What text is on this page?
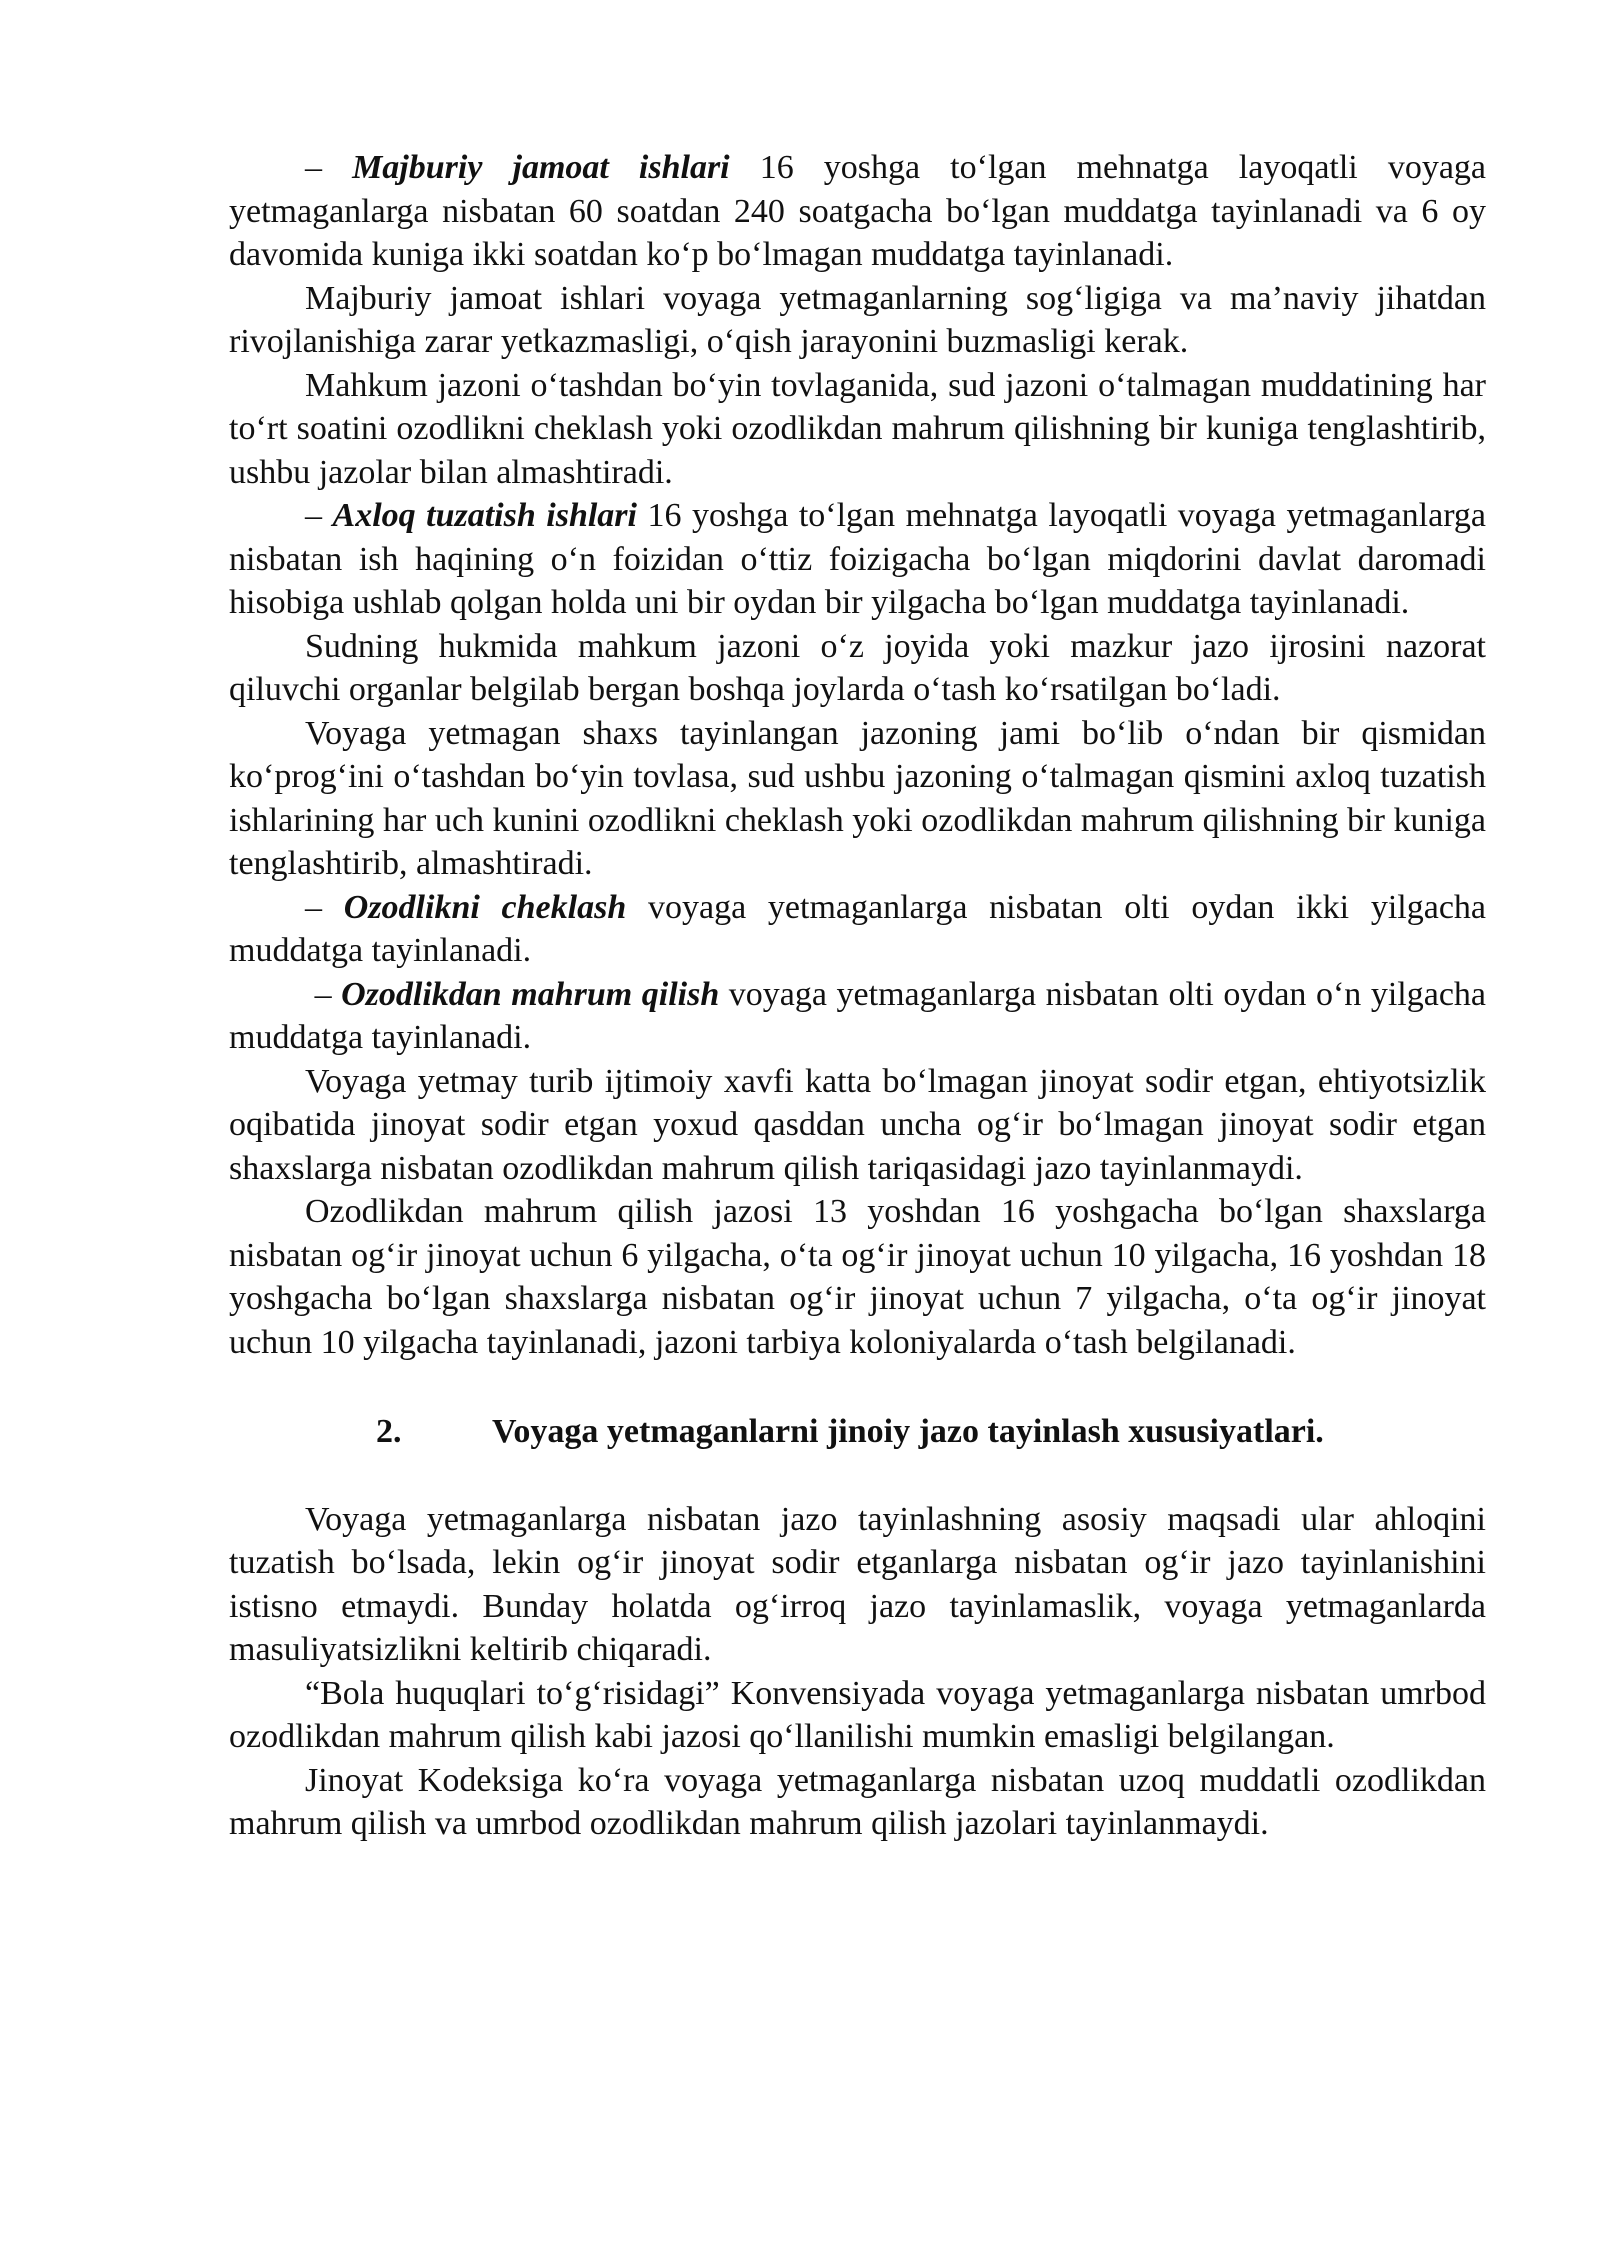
– Majburiy jamoat ishlari 16 yoshga to‘lgan mehnatga layoqatli voyaga yetmaganlarga nisbatan 60 soatdan 240 soatgacha bo‘lgan muddatga tayinlanadi va 6 oy davomida kuniga ikki soatdan ko‘p bo‘lmagan muddatga tayinlanadi.

Majburiy jamoat ishlari voyaga yetmaganlarning sog‘ligiga va ma’naviy jihatdan rivojlanishiga zarar yetkazmasligi, o‘qish jarayonini buzmasligi kerak.

Mahkum jazoni o‘tashdan bo‘yin tovlaganida, sud jazoni o‘talmagan muddatining har to‘rt soatini ozodlikni cheklash yoki ozodlikdan mahrum qilishning bir kuniga tenglashtirib, ushbu jazolar bilan almashtiradi.

– Axloq tuzatish ishlari 16 yoshga to‘lgan mehnatga layoqatli voyaga yetmaganlarga nisbatan ish haqining o‘n foizidan o‘ttiz foizigacha bo‘lgan miqdorini davlat daromadi hisobiga ushlab qolgan holda uni bir oydan bir yilgacha bo‘lgan muddatga tayinlanadi.

Sudning hukmida mahkum jazoni o‘z joyida yoki mazkur jazo ijrosini nazorat qiluvchi organlar belgilab bergan boshqa joylarda o‘tash ko‘rsatilgan bo‘ladi.

Voyaga yetmagan shaxs tayinlangan jazoning jami bo‘lib o‘ndan bir qismidan ko‘prog‘ini o‘tashdan bo‘yin tovlasa, sud ushbu jazoning o‘talmagan qismini axloq tuzatish ishlarining har uch kunini ozodlikni cheklash yoki ozodlikdan mahrum qilishning bir kuniga tenglashtirib, almashtiradi.

– Ozodlikni cheklash voyaga yetmaganlarga nisbatan olti oydan ikki yilgacha muddatga tayinlanadi.

– Ozodlikdan mahrum qilish voyaga yetmaganlarga nisbatan olti oydan o‘n yilgacha muddatga tayinlanadi.

Voyaga yetmay turib ijtimoiy xavfi katta bo‘lmagan jinoyat sodir etgan, ehtiyotsizlik oqibatida jinoyat sodir etgan yoxud qasddan uncha og‘ir bo‘lmagan jinoyat sodir etgan shaxslarga nisbatan ozodlikdan mahrum qilish tariqasidagi jazo tayinlanmaydi.

Ozodlikdan mahrum qilish jazosi 13 yoshdan 16 yoshgacha bo‘lgan shaxslarga nisbatan og‘ir jinoyat uchun 6 yilgacha, o‘ta og‘ir jinoyat uchun 10 yilgacha, 16 yoshdan 18 yoshgacha bo‘lgan shaxslarga nisbatan og‘ir jinoyat uchun 7 yilgacha, o‘ta og‘ir jinoyat uchun 10 yilgacha tayinlanadi, jazoni tarbiya koloniyalarda o‘tash belgilanadi.

2.	Voyaga yetmaganlarni jinoiy jazo tayinlash xususiyatlari.

Voyaga yetmaganlarga nisbatan jazo tayinlashning asosiy maqsadi ular ahloqini tuzatish bo‘lsada, lekin og‘ir jinoyat sodir etganlarga nisbatan og‘ir jazo tayinlanishini istisno etmaydi. Bunday holatda og‘irroq jazo tayinlamaslik, voyaga yetmaganlarda masuliyatsizlikni keltirib chiqaradi.

“Bola huquqlari to‘g‘risidagi” Konvensiyada voyaga yetmaganlarga nisbatan umrbod ozodlikdan mahrum qilish kabi jazosi qo‘llanilishi mumkin emasligi belgilangan.

Jinoyat Kodeksiga ko‘ra voyaga yetmaganlarga nisbatan uzoq muddatli ozodlikdan mahrum qilish va umrbod ozodlikdan mahrum qilish jazolari tayinlanmaydi.
